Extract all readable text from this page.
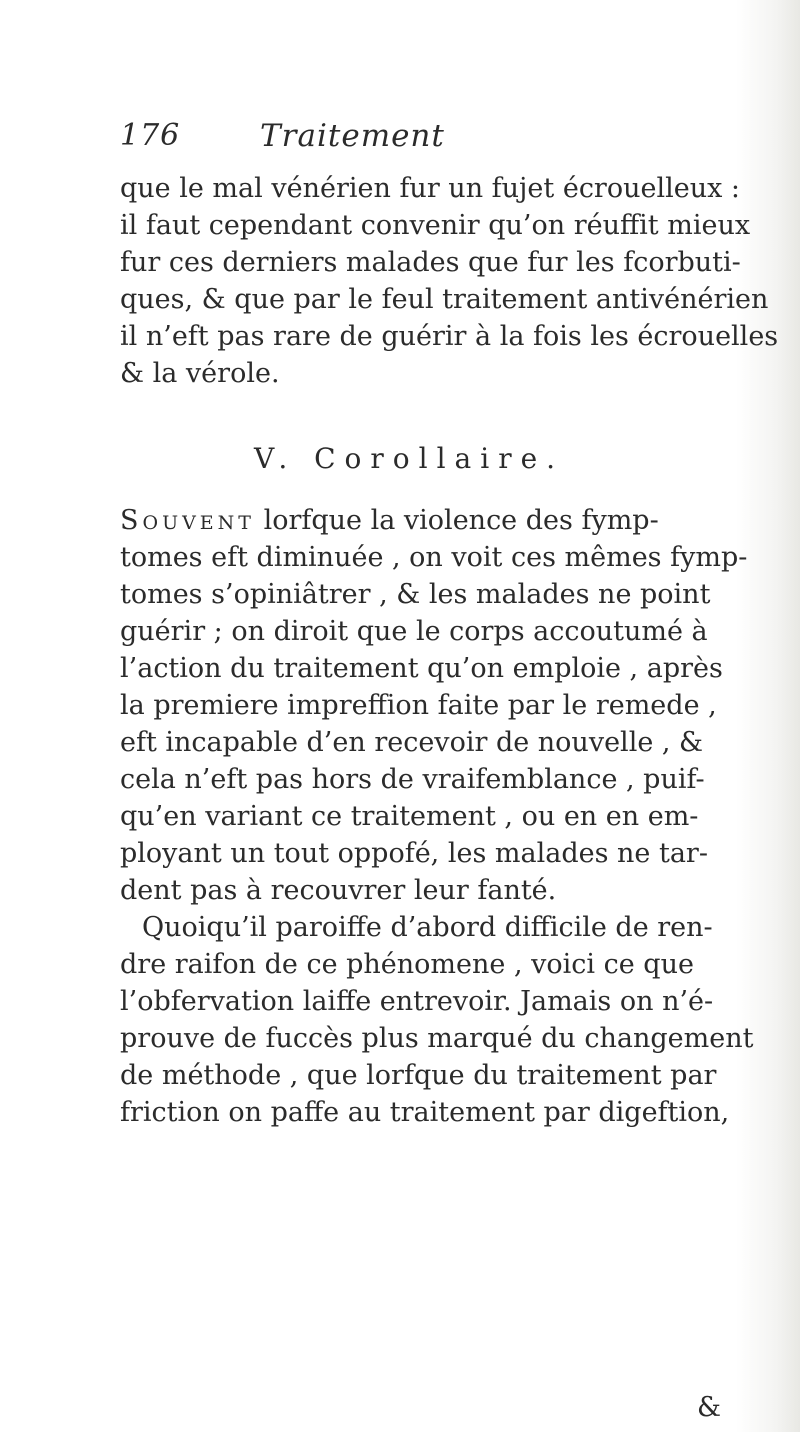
176	Traitement
que le mal vénérien fur un fujet écrouelleux :
il faut cependant convenir qu’on réuffit mieux
fur ces derniers malades que fur les fcorbuti-
ques, & que par le feul traitement antivénérien
il n’eft pas rare de guérir à la fois les écrouelles
& la vérole.
V. Corollaire.
Souvent lorfque la violence des fymp-
tomes eft diminuée , on voit ces mêmes fymp-
tomes s’opiniâtrer , & les malades ne point
guérir ; on diroit que le corps accoutumé à
l’action du traitement qu’on emploie , après
la premiere impreffion faite par le remede ,
eft incapable d’en recevoir de nouvelle , &
cela n’eft pas hors de vraifemblance , puif-
qu’en variant ce traitement , ou en en em-
ployant un tout oppofé, les malades ne tar-
dent pas à recouvrer leur fanté.
Quoiqu’il paroiffe d’abord difficile de ren-
dre raifon de ce phénomene , voici ce que
l’obfervation laiffe entrevoir. Jamais on n’é-
prouve de fuccès plus marqué du changement
de méthode , que lorfque du traitement par
friction on paffe au traitement par digeftion,
&
